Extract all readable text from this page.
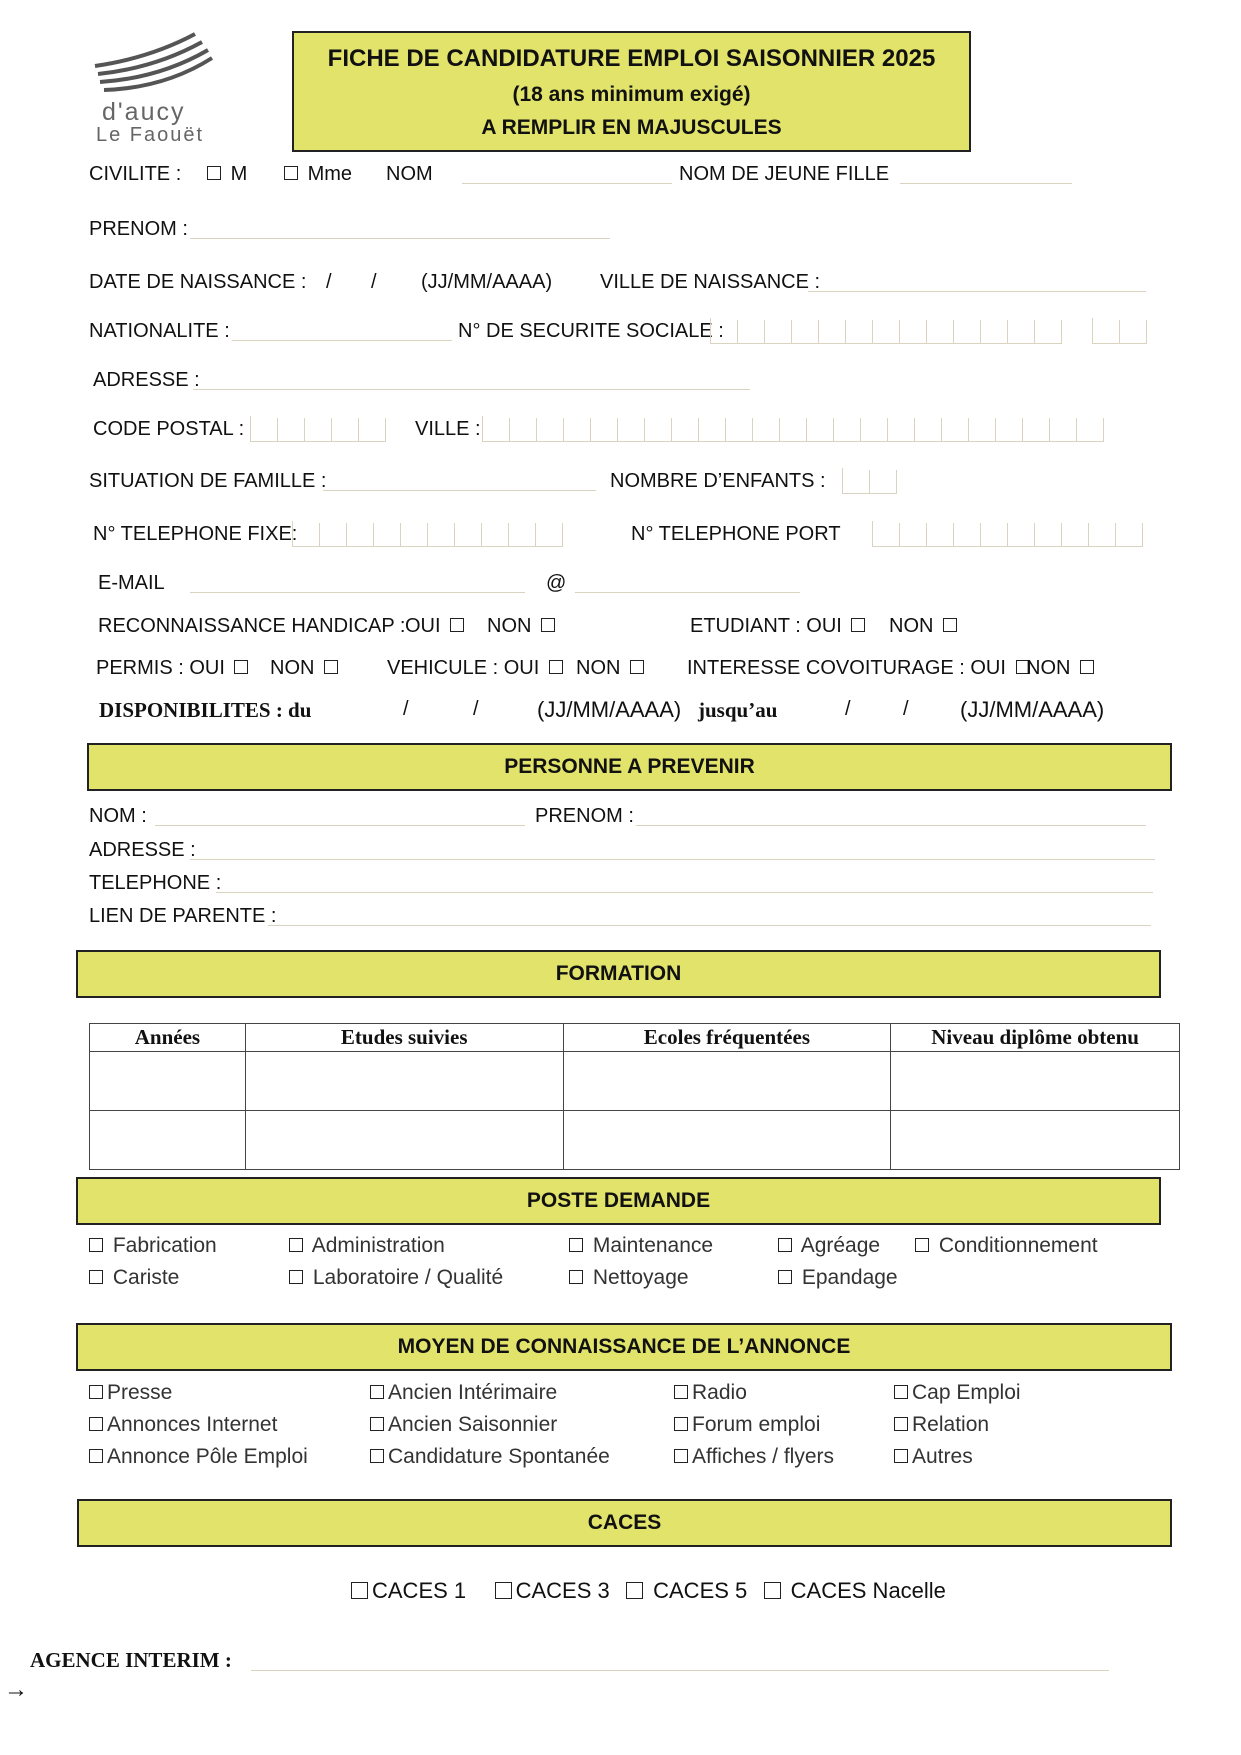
d'aucy
Le Faouët
FICHE DE CANDIDATURE EMPLOI SAISONNIER 2025
(18 ans minimum exigé)
A REMPLIR EN MAJUSCULES
CIVILITE :	M	Mme NOM	NOM DE JEUNE FILLE
PRENOM :
DATE DE NAISSANCE : / / (JJ/MM/AAAA) VILLE DE NAISSANCE :
NATIONALITE :	N° DE SECURITE SOCIALE :
ADRESSE :
CODE POSTAL :	VILLE :
SITUATION DE FAMILLE :	NOMBRE D’ENFANTS :
N° TELEPHONE FIXE:	N° TELEPHONE PORT
E-MAIL	@
RECONNAISSANCE HANDICAP : OUI	NON	ETUDIANT : OUI	NON
PERMIS : OUI	NON	VEHICULE : OUI	NON	INTERESSE COVOITURAGE : OUI	NON
DISPONIBILITES : du	/	/	(JJ/MM/AAAA) jusqu’au	/	/ (JJ/MM/AAAA)
PERSONNE A PREVENIR
NOM :	PRENOM :
ADRESSE :
TELEPHONE :
LIEN DE PARENTE :
FORMATION
Années	Etudes suivies	Ecoles fréquentées	Niveau diplôme obtenu

POSTE DEMANDE
Fabrication	Administration	Maintenance	Agréage	Conditionnement
Cariste	Laboratoire / Qualité	Nettoyage	Epandage
MOYEN DE CONNAISSANCE DE L’ANNONCE
Presse	Ancien Intérimaire	Radio	Cap Emploi
Annonces Internet	Ancien Saisonnier	Forum emploi	Relation
Annonce Pôle Emploi	Candidature Spontanée	Affiches / flyers	Autres
CACES
CACES 1 CACES 3 CACES 5 CACES Nacelle
AGENCE INTERIM :
→
